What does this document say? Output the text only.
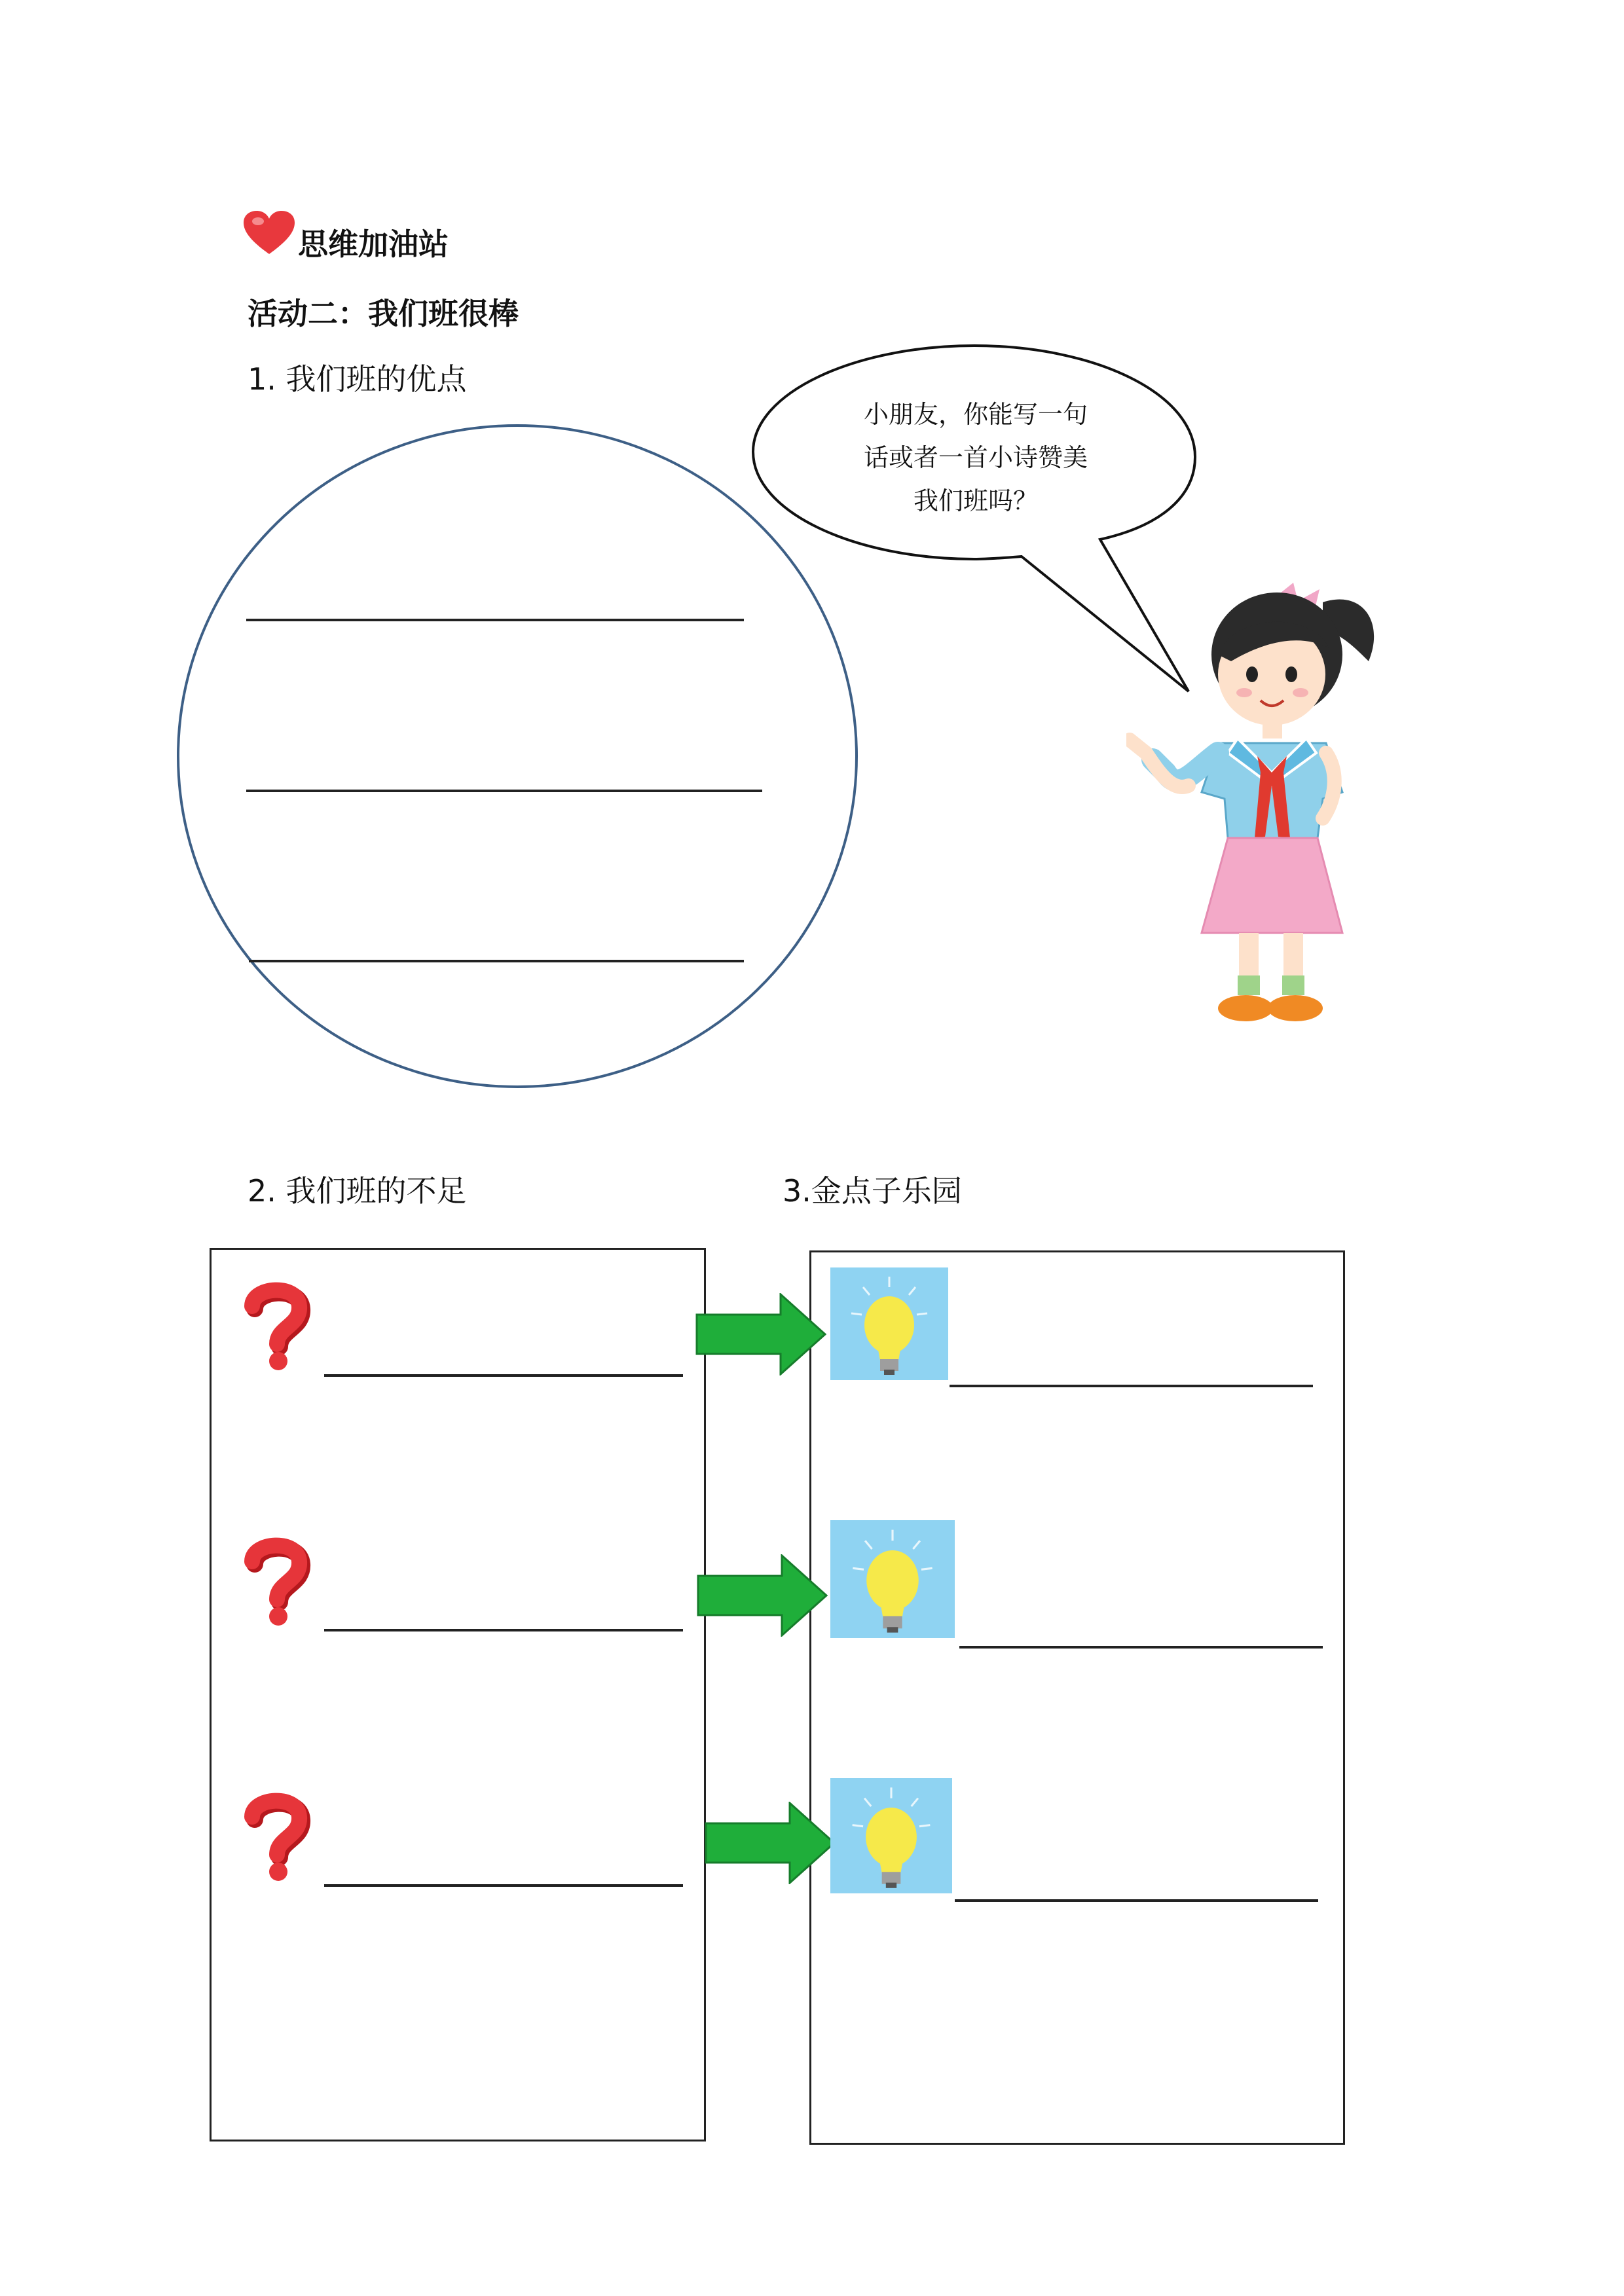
思维加油站
活动二：我们班很棒
1. 我们班的优点
小朋友，你能写一句
话或者一首小诗赞美
我们班吗？
2. 我们班的不足	3.金点子乐园
